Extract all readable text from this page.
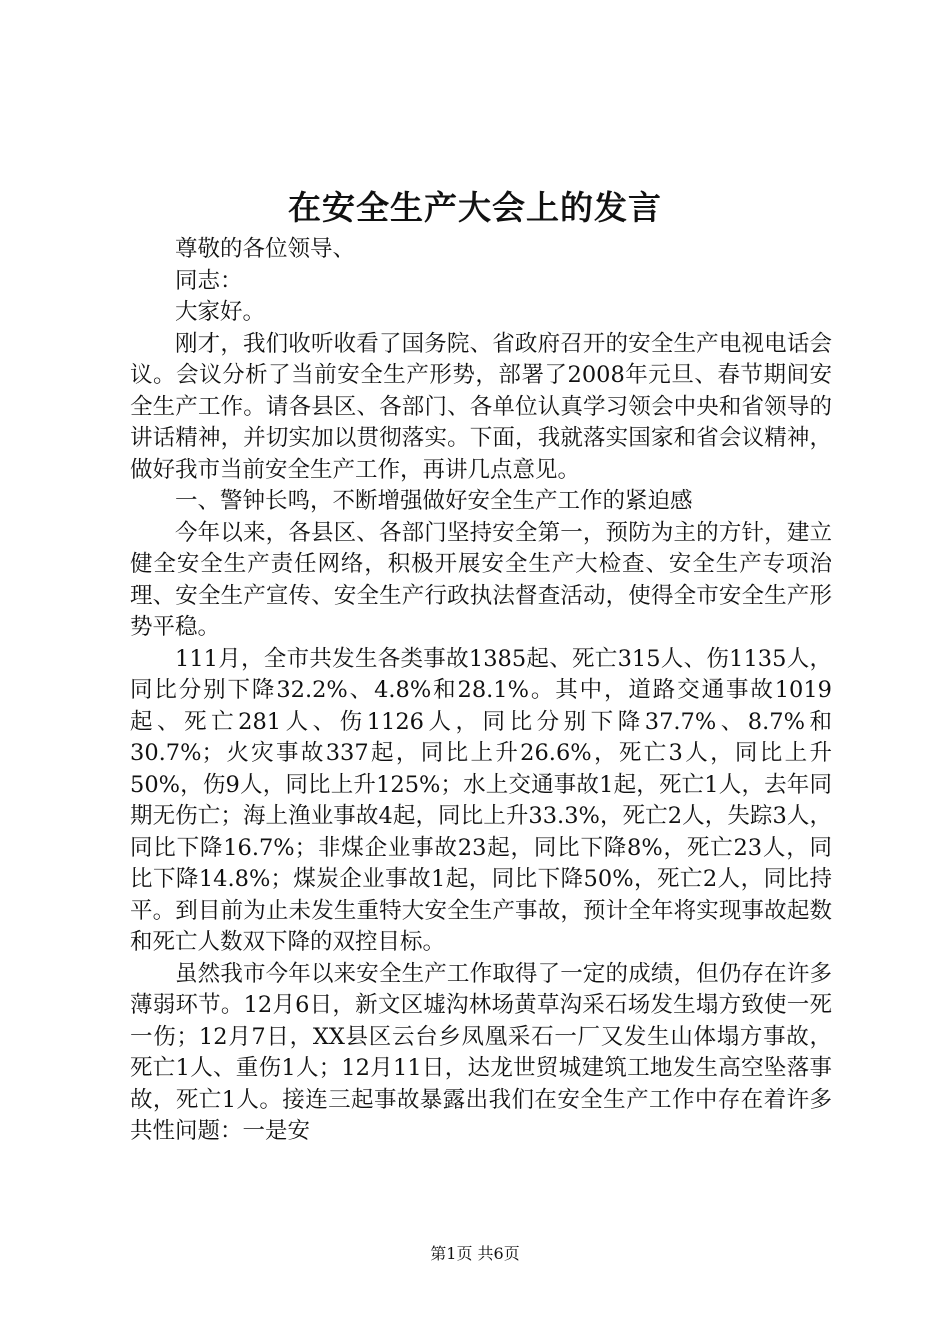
在安全生产大会上的发言

尊敬的各位领导、

同志：

大家好。

刚才，我们收听收看了国务院、省政府召开的安全生产电视电话会议。会议分析了当前安全生产形势，部署了2008年元旦、春节期间安全生产工作。请各县区、各部门、各单位认真学习领会中央和省领导的讲话精神，并切实加以贯彻落实。下面，我就落实国家和省会议精神，做好我市当前安全生产工作，再讲几点意见。

一、警钟长鸣，不断增强做好安全生产工作的紧迫感

今年以来，各县区、各部门坚持安全第一，预防为主的方针，建立健全安全生产责任网络，积极开展安全生产大检查、安全生产专项治理、安全生产宣传、安全生产行政执法督查活动，使得全市安全生产形势平稳。

111月，全市共发生各类事故1385起、死亡315人、伤1135人，同比分别下降32.2%、4.8%和28.1%。其中，道路交通事故1019起、死亡281人、伤1126人，同比分别下降37.7%、8.7%和30.7%；火灾事故337起，同比上升26.6%，死亡3人，同比上升50%，伤9人，同比上升125%；水上交通事故1起，死亡1人，去年同期无伤亡；海上渔业事故4起，同比上升33.3%，死亡2人，失踪3人，同比下降16.7%；非煤企业事故23起，同比下降8%，死亡23人，同比下降14.8%；煤炭企业事故1起，同比下降50%，死亡2人，同比持平。到目前为止未发生重特大安全生产事故，预计全年将实现事故起数和死亡人数双下降的双控目标。

虽然我市今年以来安全生产工作取得了一定的成绩，但仍存在许多薄弱环节。12月6日，新文区墟沟林场黄草沟采石场发生塌方致使一死一伤；12月7日，XX县区云台乡凤凰采石一厂又发生山体塌方事故，死亡1人、重伤1人；12月11日，达龙世贸城建筑工地发生高空坠落事故，死亡1人。接连三起事故暴露出我们在安全生产工作中存在着许多共性问题：一是安

第1页 共6页
